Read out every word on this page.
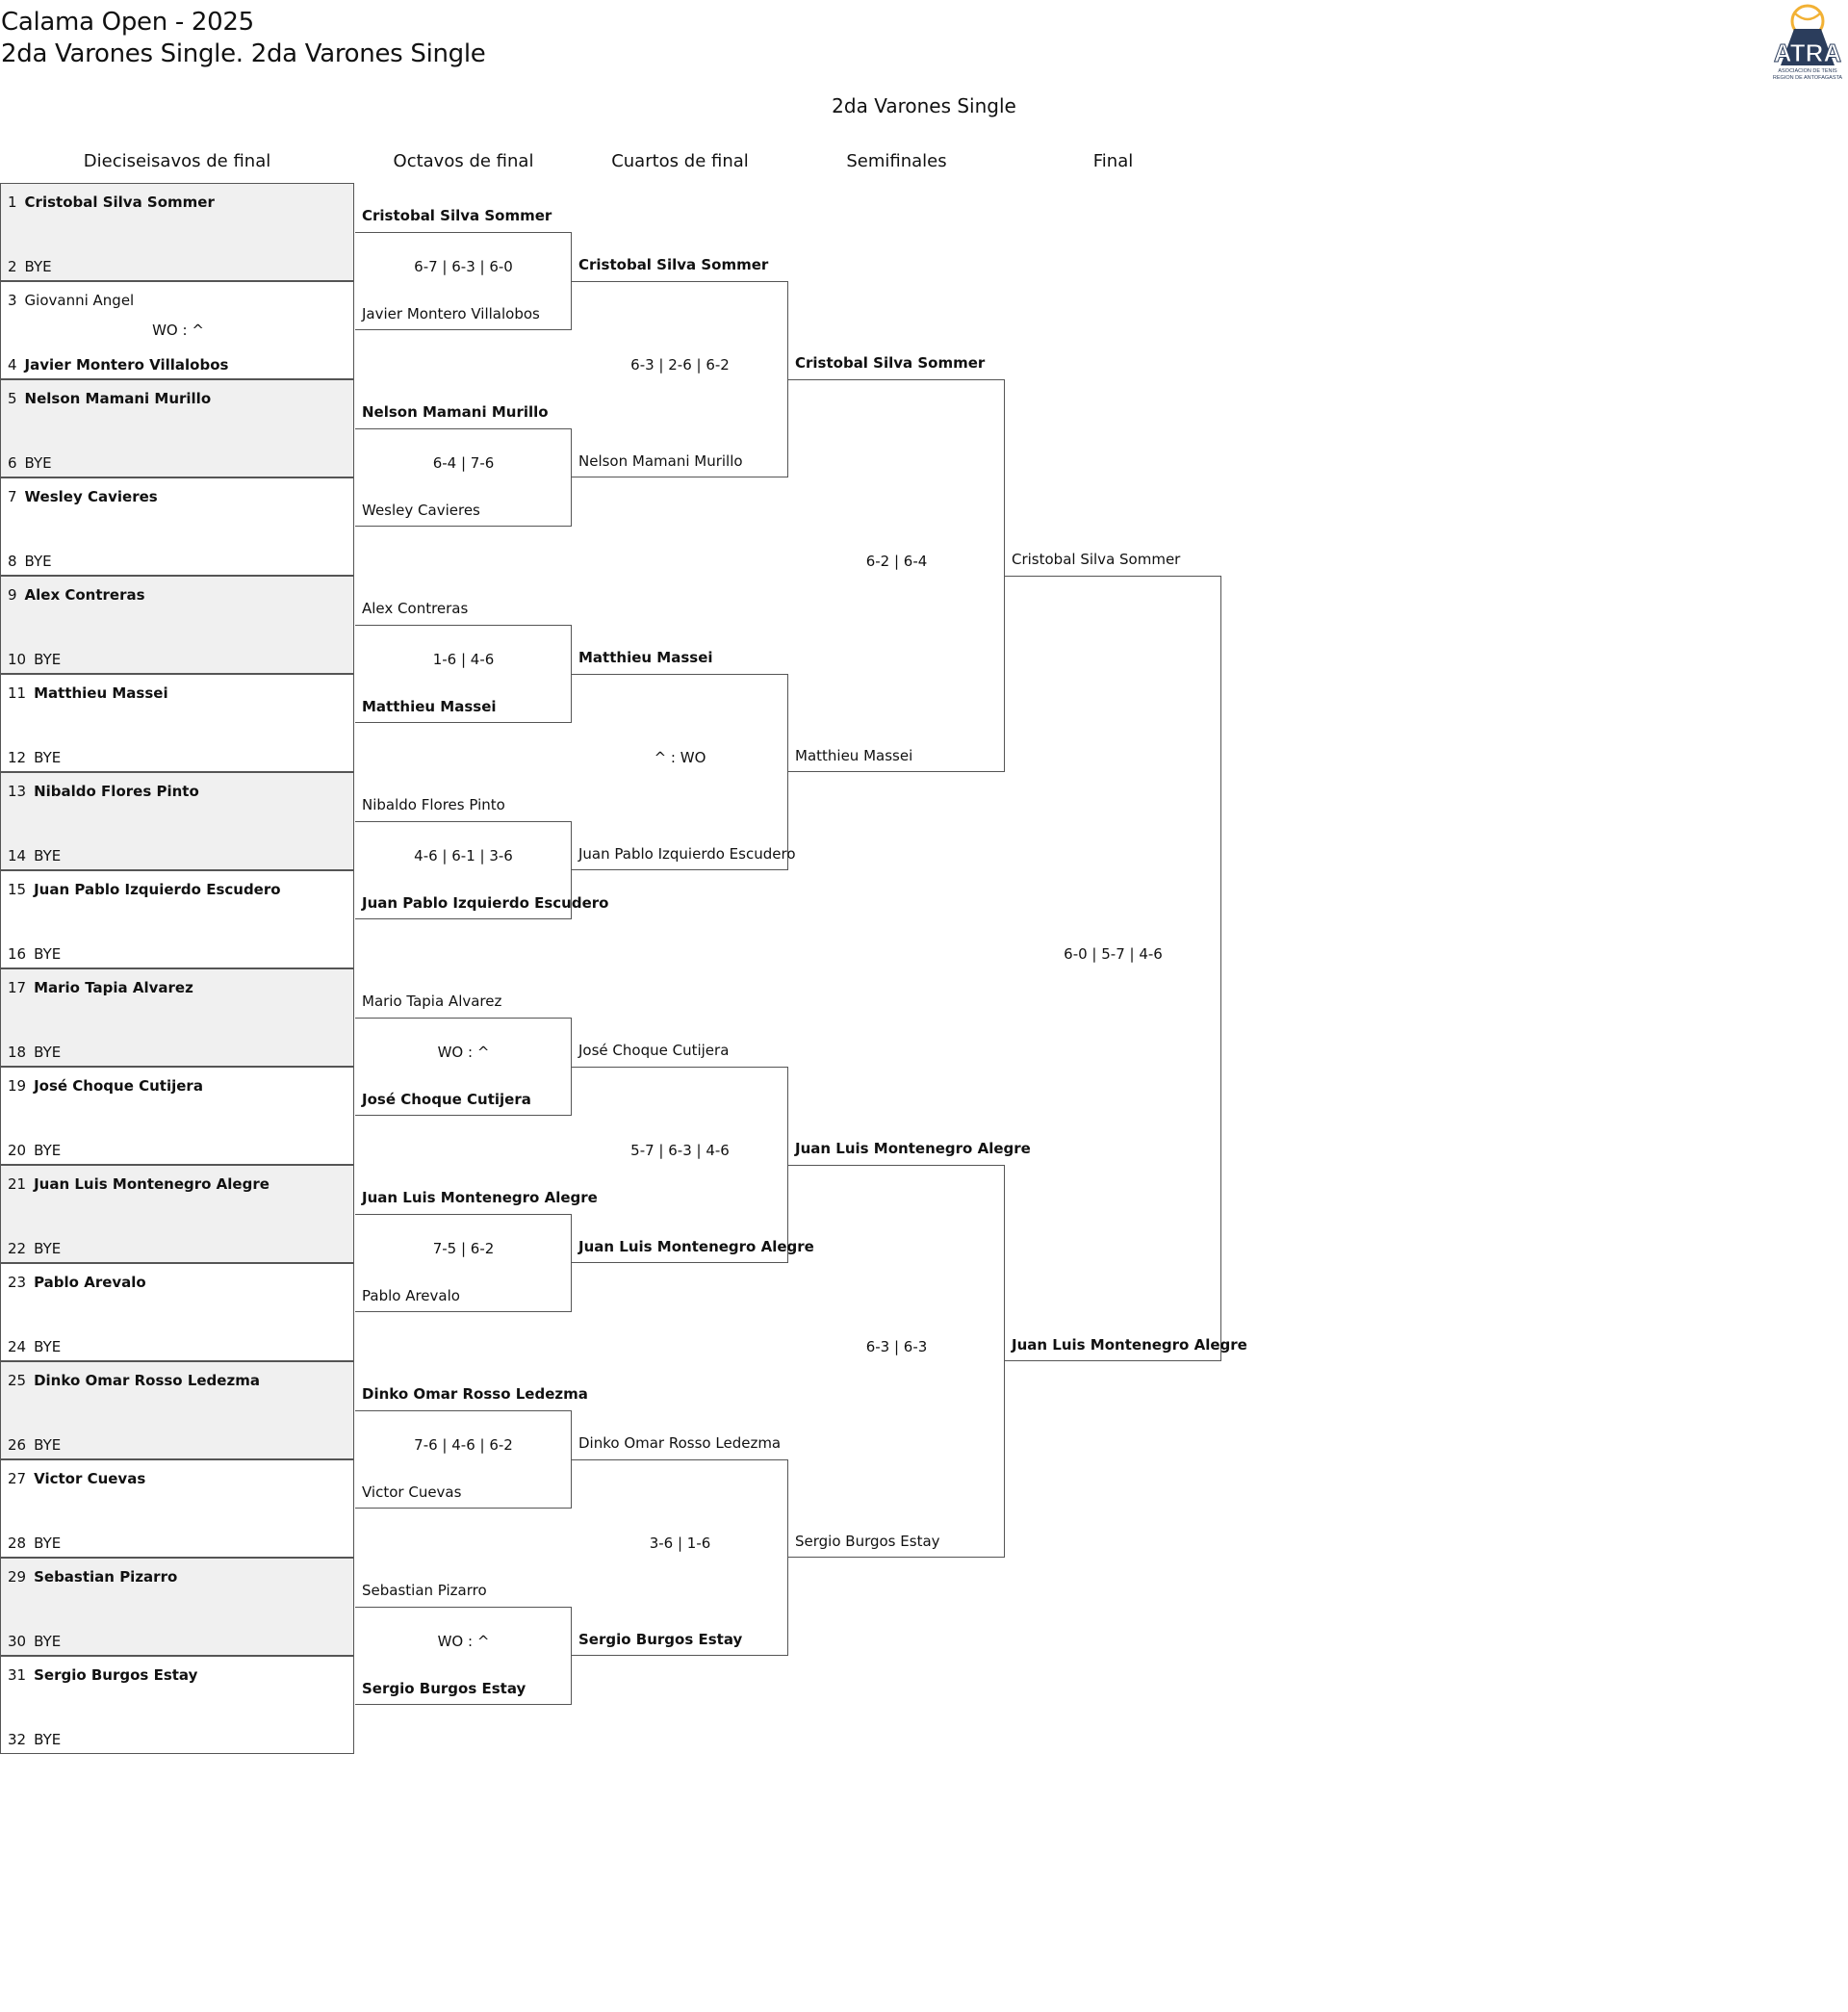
Calama Open - 2025
2da Varones Single. 2da Varones Single	ATRA
ASOCIACION DE TENIS
REGION DE ANTOFAGASTA
2da Varones Single
Dieciseisavos de final	Octavos de final	Cuartos de final	Semifinales	Final
1 Cristobal Silva Sommer
2 BYE
3 Giovanni Angel
4 Javier Montero Villalobos
WO : ^
5 Nelson Mamani Murillo
6 BYE
7 Wesley Cavieres
8 BYE
9 Alex Contreras
10 BYE
11 Matthieu Massei
12 BYE
13 Nibaldo Flores Pinto
14 BYE
15 Juan Pablo Izquierdo Escudero
16 BYE
17 Mario Tapia Alvarez
18 BYE
19 José Choque Cutijera
20 BYE
21 Juan Luis Montenegro Alegre
22 BYE
23 Pablo Arevalo
24 BYE
25 Dinko Omar Rosso Ledezma
26 BYE
27 Victor Cuevas
28 BYE
29 Sebastian Pizarro
30 BYE
31 Sergio Burgos Estay
32 BYE
Cristobal Silva Sommer
Javier Montero Villalobos
6-7 | 6-3 | 6-0
Nelson Mamani Murillo
Wesley Cavieres
6-4 | 7-6
Alex Contreras
Matthieu Massei
1-6 | 4-6
Nibaldo Flores Pinto
Juan Pablo Izquierdo Escudero
4-6 | 6-1 | 3-6
Mario Tapia Alvarez
José Choque Cutijera
WO : ^
Juan Luis Montenegro Alegre
Pablo Arevalo
7-5 | 6-2
Dinko Omar Rosso Ledezma
Victor Cuevas
7-6 | 4-6 | 6-2
Sebastian Pizarro
Sergio Burgos Estay
WO : ^
Cristobal Silva Sommer
Nelson Mamani Murillo
6-3 | 2-6 | 6-2
Matthieu Massei
Juan Pablo Izquierdo Escudero
^ : WO
José Choque Cutijera
Juan Luis Montenegro Alegre
5-7 | 6-3 | 4-6
Dinko Omar Rosso Ledezma
Sergio Burgos Estay
3-6 | 1-6
Cristobal Silva Sommer
Matthieu Massei
6-2 | 6-4
Juan Luis Montenegro Alegre
Sergio Burgos Estay
6-3 | 6-3
Cristobal Silva Sommer
Juan Luis Montenegro Alegre
6-0 | 5-7 | 4-6
